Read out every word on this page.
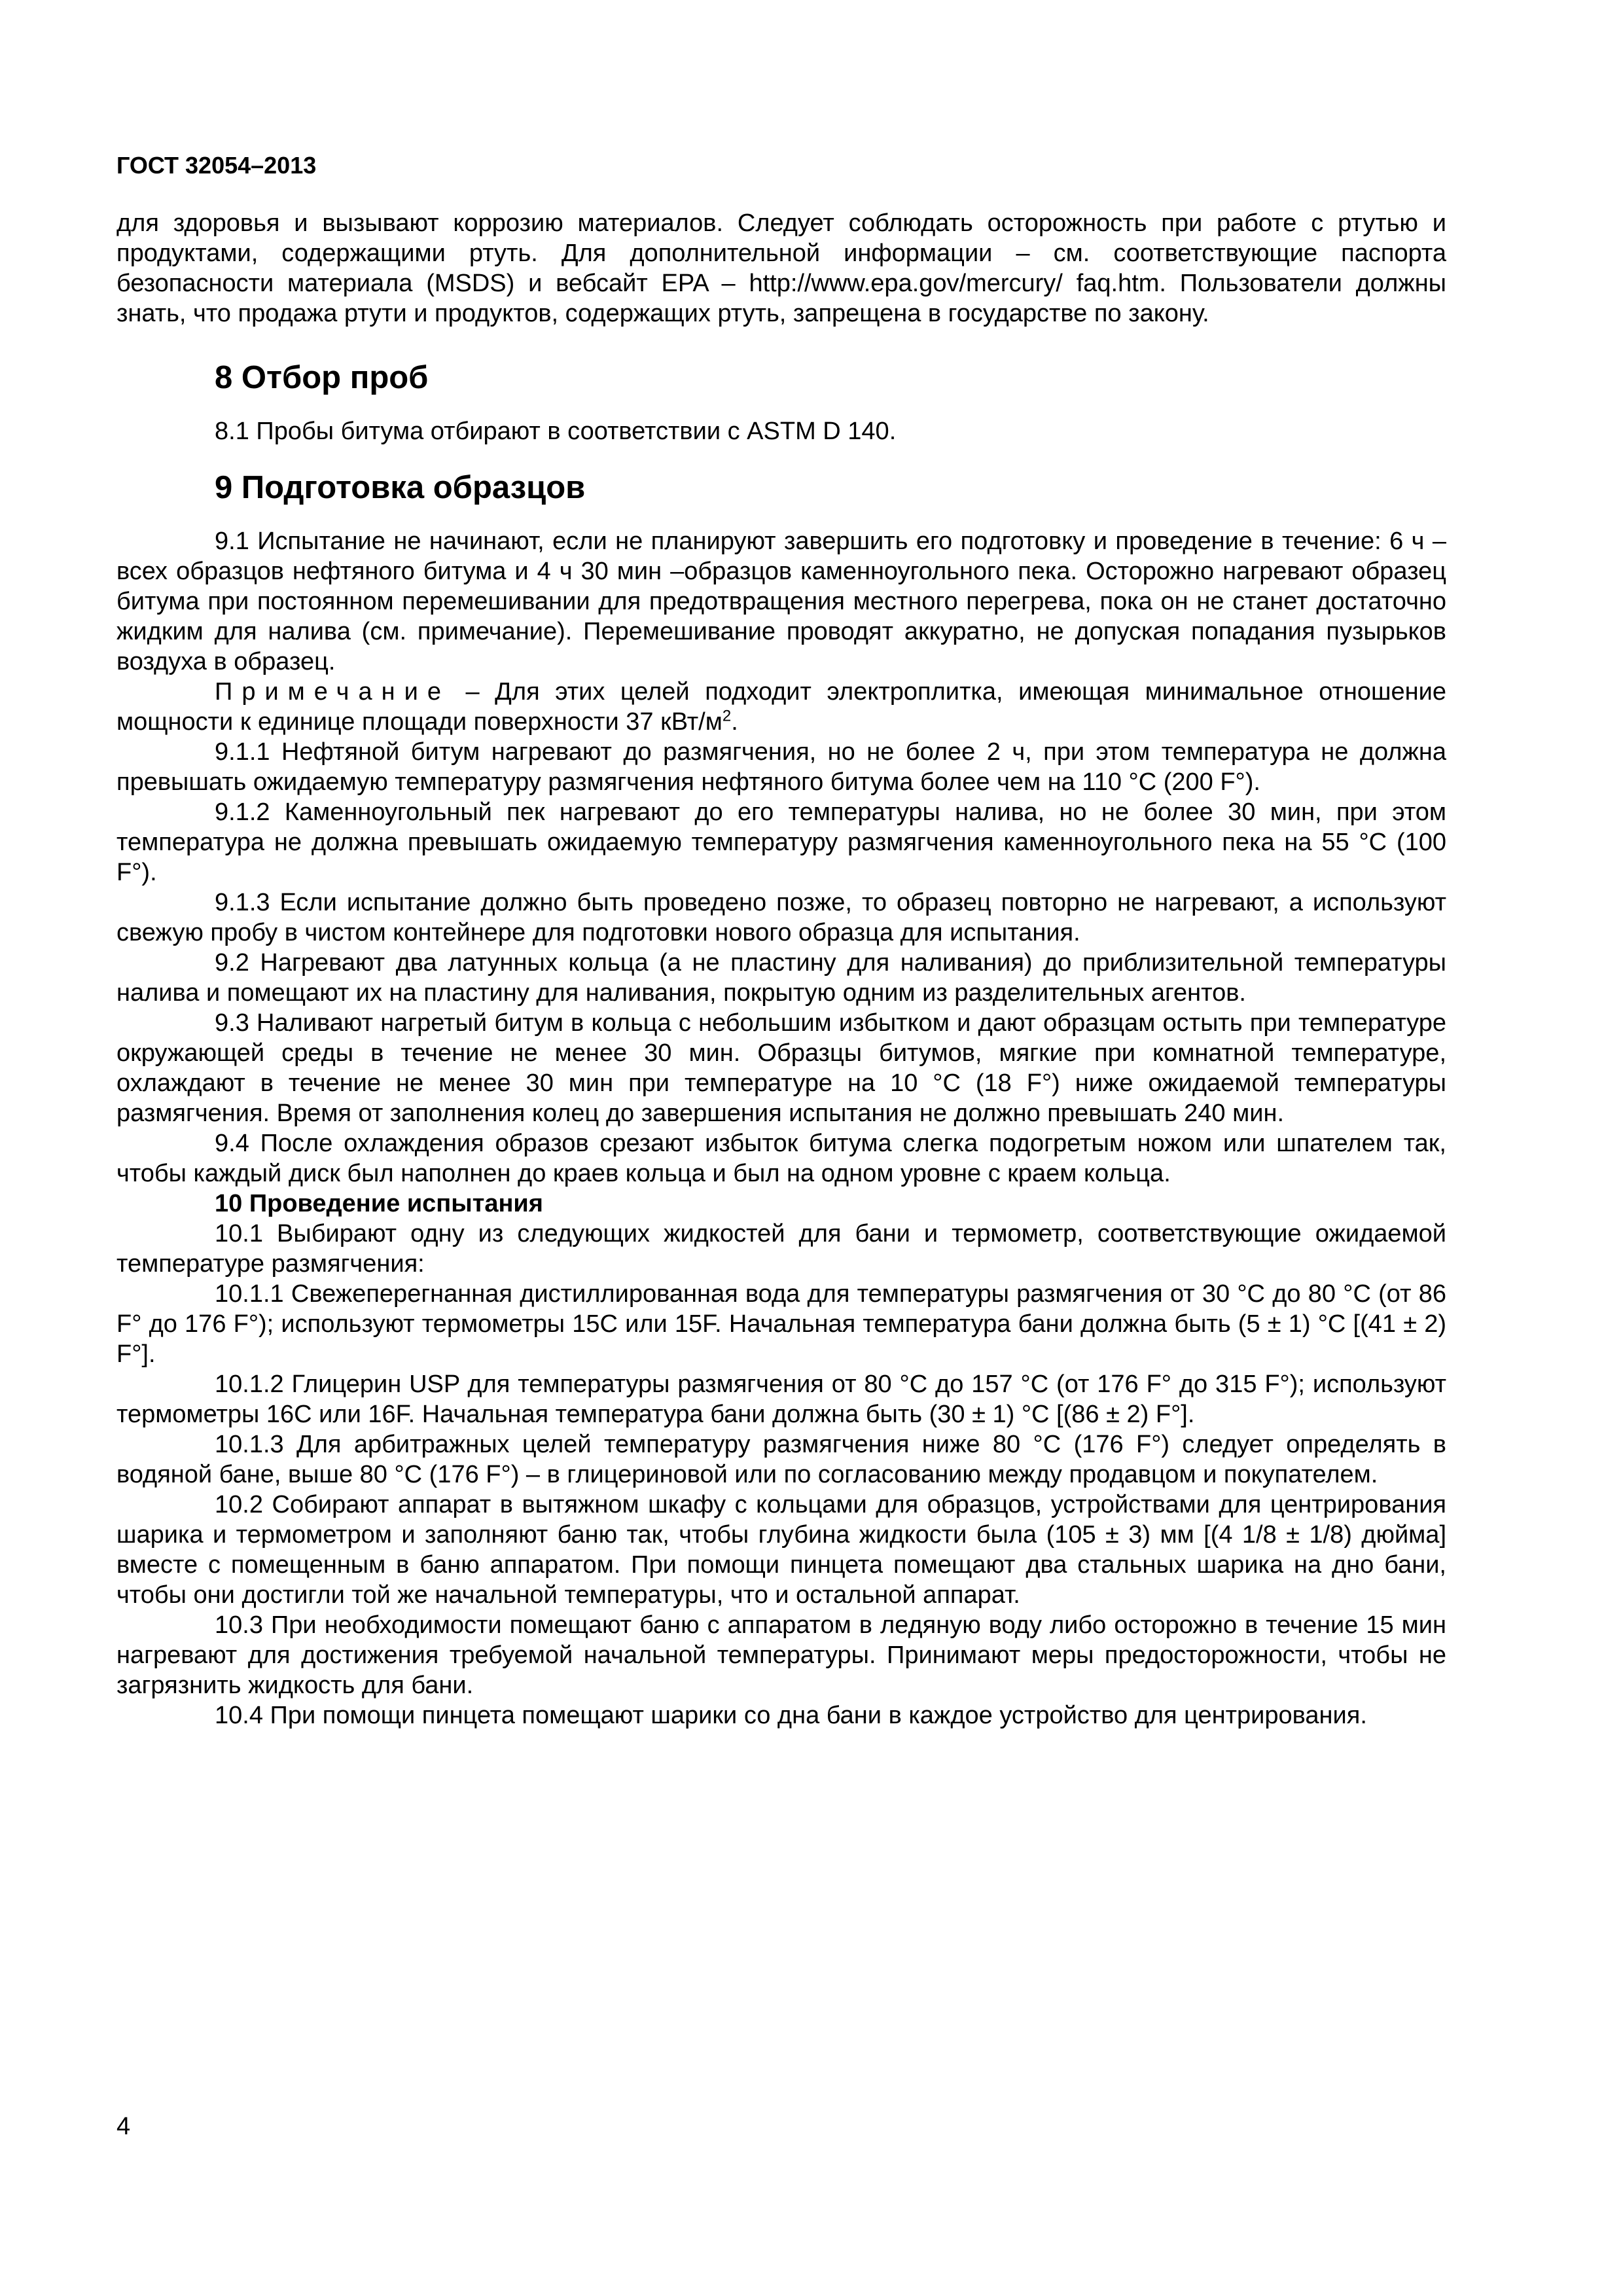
ГОСТ 32054–2013

для здоровья и вызывают коррозию материалов. Следует соблюдать осторожность при работе с ртутью и продуктами, содержащими ртуть. Для дополнительной информации – см. соответствующие паспорта безопасности материала (MSDS) и вебсайт EPA – http://www.epa.gov/mercury/ faq.htm. Пользователи должны знать, что продажа ртути и продуктов, содержащих ртуть, запрещена в государстве по закону.

8 Отбор проб

8.1 Пробы битума отбирают в соответствии с ASTM D 140.

9 Подготовка образцов

9.1 Испытание не начинают, если не планируют завершить его подготовку и проведение в течение: 6 ч – всех образцов нефтяного битума и 4 ч 30 мин –образцов каменноугольного пека. Осторожно нагревают образец битума при постоянном перемешивании для предотвращения местного перегрева, пока он не станет достаточно жидким для налива (см. примечание). Перемешивание проводят аккуратно, не допуская попадания пузырьков воздуха в образец.

Примечание – Для этих целей подходит электроплитка, имеющая минимальное отношение мощности к единице площади поверхности 37 кВт/$м^2$.

9.1.1 Нефтяной битум нагревают до размягчения, но не более 2 ч, при этом температура не должна превышать ожидаемую температуру размягчения нефтяного битума более чем на 110 °С (200 F°).

9.1.2 Каменноугольный пек нагревают до его температуры налива, но не более 30 мин, при этом температура не должна превышать ожидаемую температуру размягчения каменноугольного пека на 55 °С (100 F°).

9.1.3 Если испытание должно быть проведено позже, то образец повторно не нагревают, а используют свежую пробу в чистом контейнере для подготовки нового образца для испытания.

9.2 Нагревают два латунных кольца (а не пластину для наливания) до приблизительной температуры налива и помещают их на пластину для наливания, покрытую одним из разделительных агентов.

9.3 Наливают нагретый битум в кольца с небольшим избытком и дают образцам остыть при температуре окружающей среды в течение не менее 30 мин. Образцы битумов, мягкие при комнатной температуре, охлаждают в течение не менее 30 мин при температуре на 10 °С (18 F°) ниже ожидаемой температуры размягчения. Время от заполнения колец до завершения испытания не должно превышать 240 мин.

9.4 После охлаждения образов срезают избыток битума слегка подогретым ножом или шпателем так, чтобы каждый диск был наполнен до краев кольца и был на одном уровне с краем кольца.

10 Проведение испытания

10.1 Выбирают одну из следующих жидкостей для бани и термометр, соответствующие ожидаемой температуре размягчения:

10.1.1 Свежеперегнанная дистиллированная вода для температуры размягчения от 30 °С до 80 °С (от 86 F° до 176 F°); используют термометры 15С или 15F. Начальная температура бани должна быть (5 ± 1) °С [(41 ± 2) F°].

10.1.2 Глицерин USP для температуры размягчения от 80 °С до 157 °С (от 176 F° до 315 F°); используют термометры 16С или 16F. Начальная температура бани должна быть (30 ± 1) °С [(86 ± 2) F°].

10.1.3 Для арбитражных целей температуру размягчения ниже 80 °С (176 F°) следует определять в водяной бане, выше 80 °С (176 F°) – в глицериновой или по согласованию между продавцом и покупателем.

10.2 Собирают аппарат в вытяжном шкафу с кольцами для образцов, устройствами для центрирования шарика и термометром и заполняют баню так, чтобы глубина жидкости была (105 ± 3) мм [(4 1/8 ± 1/8) дюйма] вместе с помещенным в баню аппаратом. При помощи пинцета помещают два стальных шарика на дно бани, чтобы они достигли той же начальной температуры, что и остальной аппарат.

10.3 При необходимости помещают баню с аппаратом в ледяную воду либо осторожно в течение 15 мин нагревают для достижения требуемой начальной температуры. Принимают меры предосторожности, чтобы не загрязнить жидкость для бани.

10.4 При помощи пинцета помещают шарики со дна бани в каждое устройство для центрирования.

4
